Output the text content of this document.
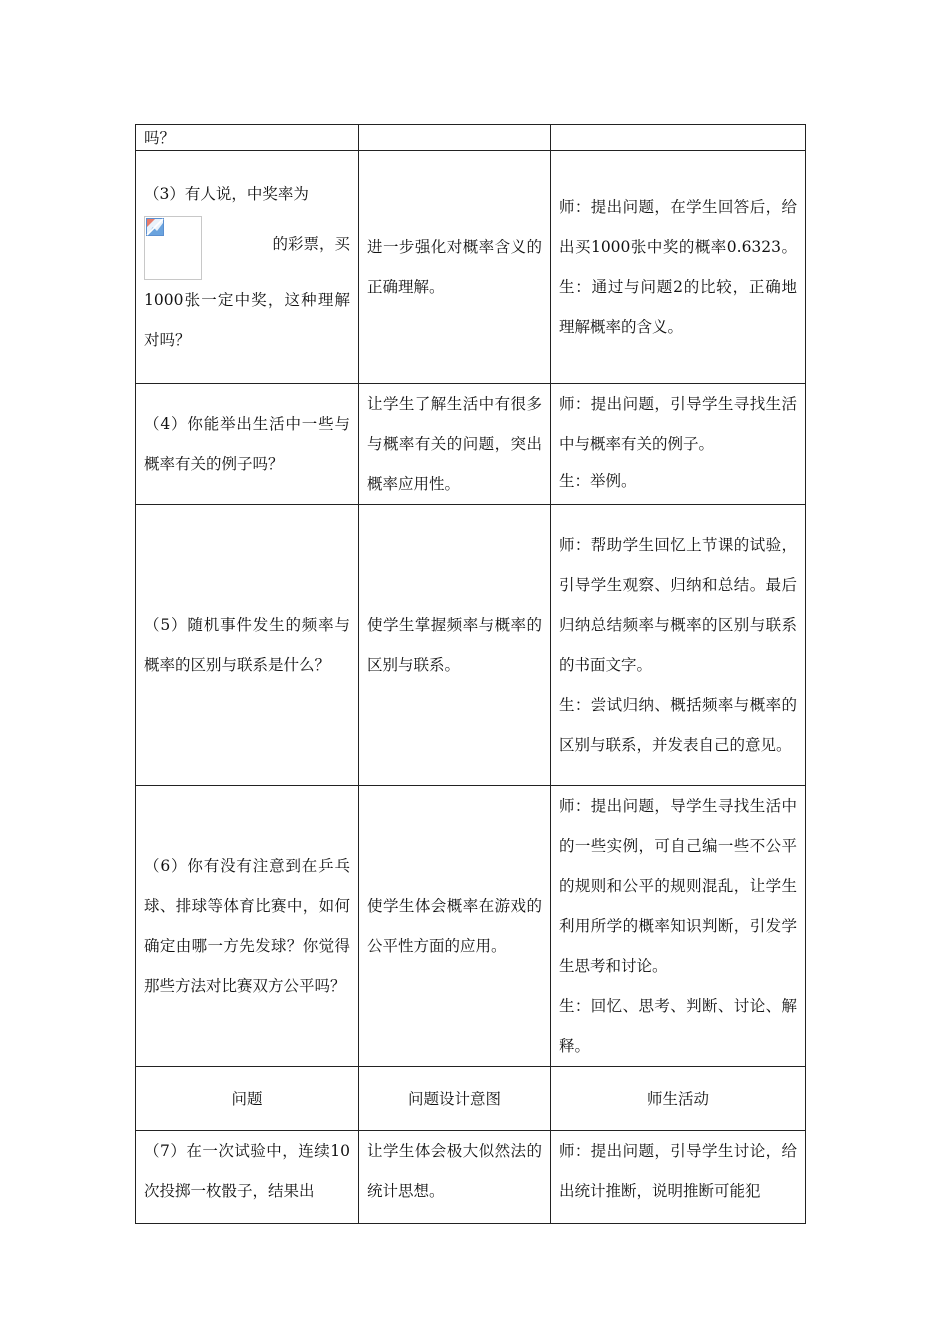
吗？		

（3）有人说，中奖率为
的彩票，买
1000张一定中奖，这种理解对吗？	进一步强化对概率含义的正确理解。	师：提出问题，在学生回答后，给出买1000张中奖的概率0.6323。生：通过与问题2的比较，正确地理解概率的含义。
（4）你能举出生活中一些与概率有关的例子吗？	让学生了解生活中有很多与概率有关的问题，突出概率应用性。	师：提出问题，引导学生寻找生活中与概率有关的例子。
生：举例。

（5）随机事件发生的频率与概率的区别与联系是什么？	使学生掌握频率与概率的区别与联系。	师：帮助学生回忆上节课的试验，引导学生观察、归纳和总结。最后归纳总结频率与概率的区别与联系的书面文字。
生：尝试归纳、概括频率与概率的区别与联系，并发表自己的意见。

（6）你有没有注意到在乒乓球、排球等体育比赛中，如何确定由哪一方先发球？你觉得那些方法对比赛双方公平吗？	使学生体会概率在游戏的公平性方面的应用。	师：提出问题，导学生寻找生活中的一些实例，可自己编一些不公平的规则和公平的规则混乱，让学生利用所学的概率知识判断，引发学生思考和讨论。
生：回忆、思考、判断、讨论、解释。

问题	问题设计意图	师生活动
（7）在一次试验中，连续10次投掷一枚骰子，结果出	让学生体会极大似然法的统计思想。	师：提出问题，引导学生讨论，给出统计推断，说明推断可能犯
